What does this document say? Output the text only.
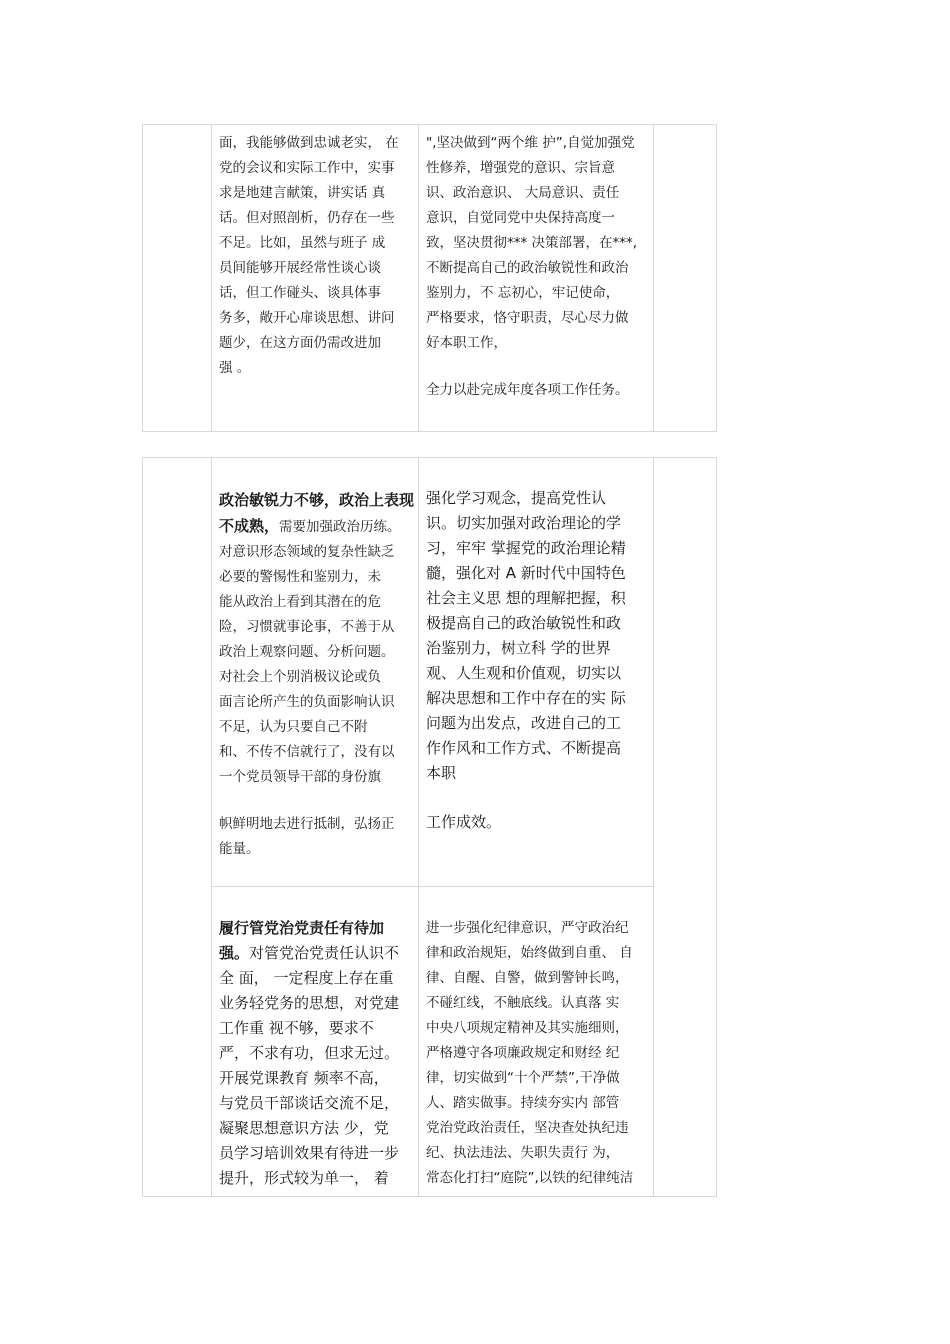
面，我能够做到忠诚老实， 在
党的会议和实际工作中，实事
求是地建言献策，讲实话 真
话。但对照剖析，仍存在一些
不足。比如，虽然与班子 成
员间能够开展经常性谈心谈
话，但工作碰头、谈具体事
务多，敞开心扉谈思想、讲问
题少，在这方面仍需改进加
强 。

",坚决做到“两个维 护”,自觉加强党
性修养，增强党的意识、宗旨意
识、政治意识、 大局意识、责任
意识，自觉同党中央保持高度一
致，坚决贯彻*** 决策部署，在***,
不断提高自己的政治敏锐性和政治
鉴别力，不 忘初心，牢记使命，
严格要求，恪守职责，尽心尽力做
好本职工作，

全力以赴完成年度各项工作任务。

政治敏锐力不够，政治上表现
不成熟，需要加强政治历练。
对意识形态领域的复杂性缺乏
必要的警惕性和鉴别力，未
能从政治上看到其潜在的危
险，习惯就事论事，不善于从
政治上观察问题、分析问题。
对社会上个别消极议论或负
面言论所产生的负面影响认识
不足，认为只要自己不附
和、不传不信就行了，没有以
一个党员领导干部的身份旗

帜鲜明地去进行抵制，弘扬正
能量。

强化学习观念，提高党性认
识。切实加强对政治理论的学
习，牢牢 掌握党的政治理论精
髓，强化对 A 新时代中国特色
社会主义思 想的理解把握，积
极提高自己的政治敏锐性和政
治鉴别力，树立科 学的世界
观、人生观和价值观，切实以
解决思想和工作中存在的实 际
问题为出发点，改进自己的工
作作风和工作方式、不断提高
本职

工作成效。

履行管党治党责任有待加
强。对管党治党责任认识不
全 面， 一定程度上存在重
业务轻党务的思想，对党建
工作重 视不够，要求不
严，不求有功，但求无过。
开展党课教育 频率不高，
与党员干部谈话交流不足，
凝聚思想意识方法 少，党
员学习培训效果有待进一步
提升，形式较为单一， 着

进一步强化纪律意识，严守政治纪
律和政治规矩，始终做到自重、 自
律、自醒、自警，做到警钟长鸣，
不碰红线，不触底线。认真落 实
中央八项规定精神及其实施细则，
严格遵守各项廉政规定和财经 纪
律，切实做到“十个严禁”,干净做
人、踏实做事。持续夯实内 部管
党治党政治责任，坚决查处执纪违
纪、执法违法、失职失责行 为，
常态化打扫“庭院”,以铁的纪律纯洁
